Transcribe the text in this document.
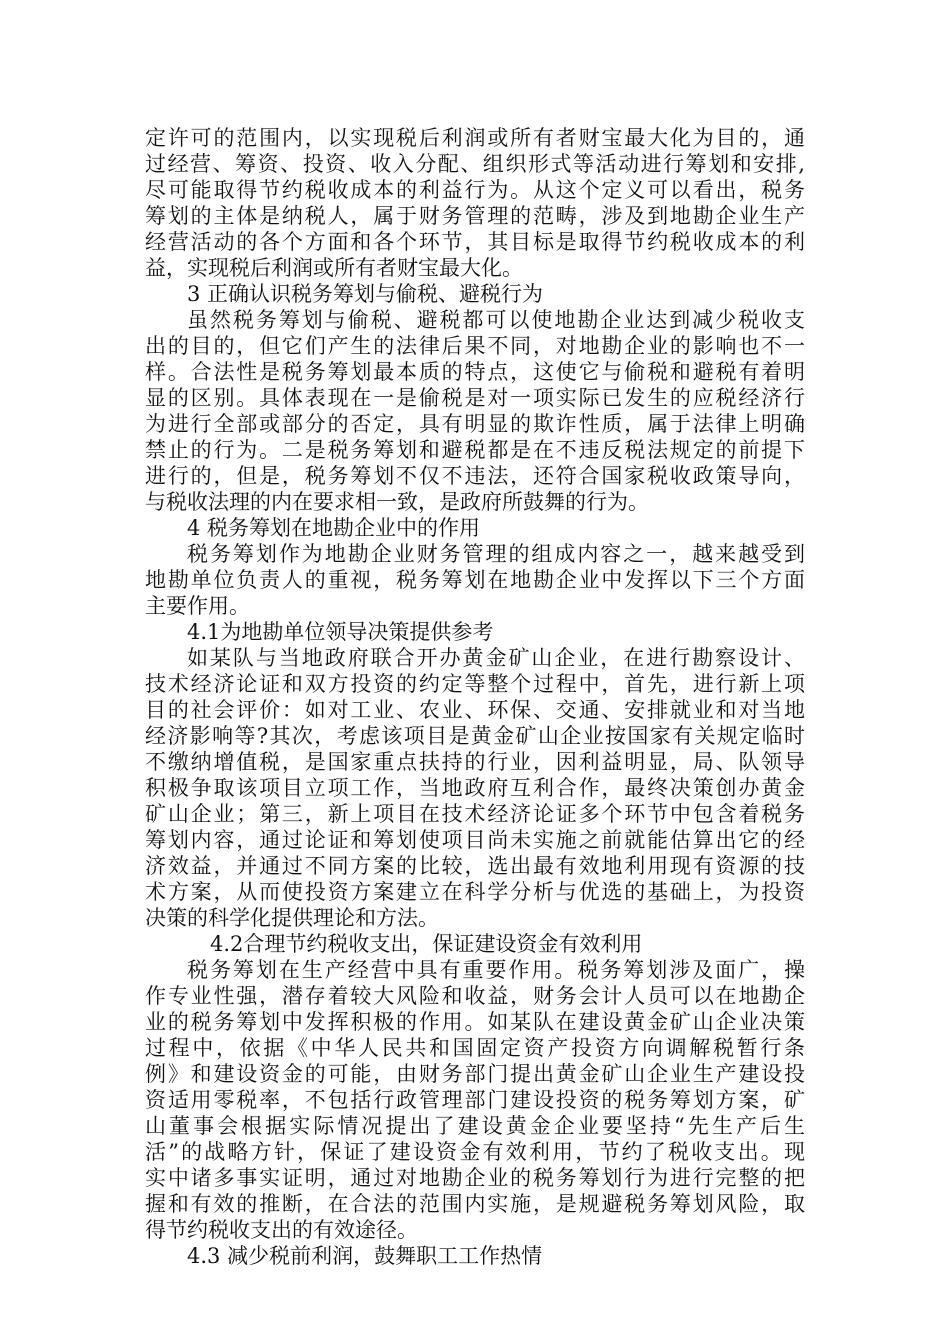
定许可的范围内，以实现税后利润或所有者财宝最大化为目的，通
过经营、筹资、投资、收入分配、组织形式等活动进行筹划和安排,
尽可能取得节约税收成本的利益行为。从这个定义可以看出，税务
筹划的主体是纳税人，属于财务管理的范畴，涉及到地勘企业生产
经营活动的各个方面和各个环节，其目标是取得节约税收成本的利
益，实现税后利润或所有者财宝最大化。
3 正确认识税务筹划与偷税、避税行为
虽然税务筹划与偷税、避税都可以使地勘企业达到减少税收支
出的目的，但它们产生的法律后果不同，对地勘企业的影响也不一
样。合法性是税务筹划最本质的特点，这使它与偷税和避税有着明
显的区别。具体表现在一是偷税是对一项实际已发生的应税经济行
为进行全部或部分的否定，具有明显的欺诈性质，属于法律上明确
禁止的行为。二是税务筹划和避税都是在不违反税法规定的前提下
进行的，但是，税务筹划不仅不违法，还符合国家税收政策导向，
与税收法理的内在要求相一致，是政府所鼓舞的行为。
4 税务筹划在地勘企业中的作用
税务筹划作为地勘企业财务管理的组成内容之一，越来越受到
地勘单位负责人的重视，税务筹划在地勘企业中发挥以下三个方面
主要作用。
4.1为地勘单位领导决策提供参考
如某队与当地政府联合开办黄金矿山企业，在进行勘察设计、
技术经济论证和双方投资的约定等整个过程中，首先，进行新上项
目的社会评价：如对工业、农业、环保、交通、安排就业和对当地
经济影响等?其次，考虑该项目是黄金矿山企业按国家有关规定临时
不缴纳增值税，是国家重点扶持的行业，因利益明显，局、队领导
积极争取该项目立项工作，当地政府互利合作，最终决策创办黄金
矿山企业；第三，新上项目在技术经济论证多个环节中包含着税务
筹划内容，通过论证和筹划使项目尚未实施之前就能估算出它的经
济效益，并通过不同方案的比较，选出最有效地利用现有资源的技
术方案，从而使投资方案建立在科学分析与优选的基础上，为投资
决策的科学化提供理论和方法。
4.2合理节约税收支出，保证建设资金有效利用
税务筹划在生产经营中具有重要作用。税务筹划涉及面广，操
作专业性强，潜存着较大风险和收益，财务会计人员可以在地勘企
业的税务筹划中发挥积极的作用。如某队在建设黄金矿山企业决策
过程中，依据《中华人民共和国固定资产投资方向调解税暂行条
例》和建设资金的可能，由财务部门提出黄金矿山企业生产建设投
资适用零税率，不包括行政管理部门建设投资的税务筹划方案，矿
山董事会根据实际情况提出了建设黄金企业要坚持“先生产后生
活”的战略方针，保证了建设资金有效利用，节约了税收支出。现
实中诸多事实证明，通过对地勘企业的税务筹划行为进行完整的把
握和有效的推断，在合法的范围内实施，是规避税务筹划风险，取
得节约税收支出的有效途径。
4.3 减少税前利润，鼓舞职工工作热情
